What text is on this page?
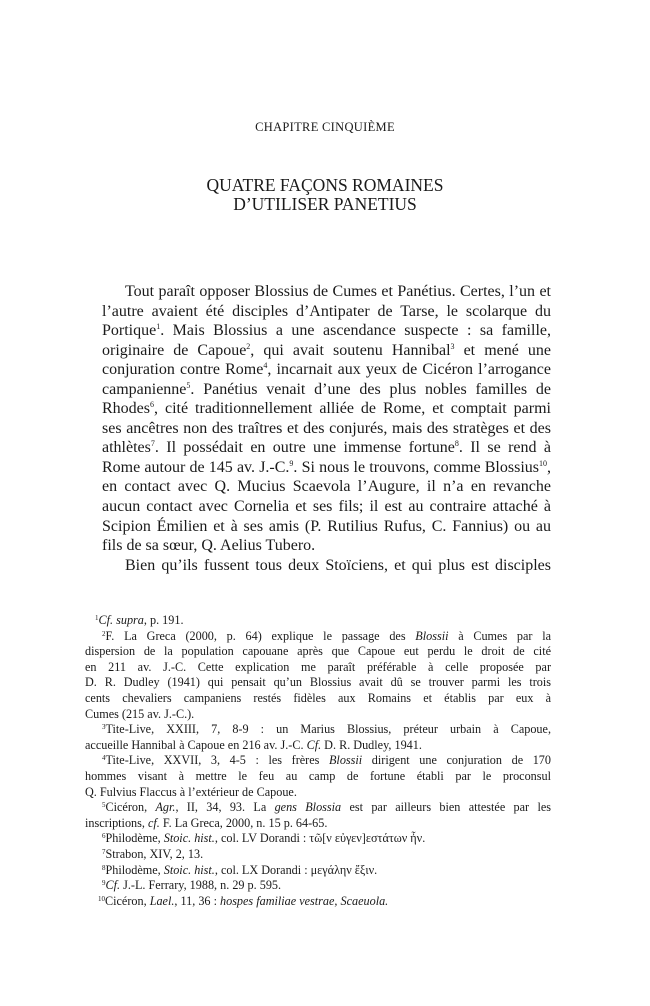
CHAPITRE CINQUIÈME
QUATRE FAÇONS ROMAINES
D’UTILISER PANETIUS
Tout paraît opposer Blossius de Cumes et Panétius. Certes, l’un et
l’autre avaient été disciples d’Antipater de Tarse, le scolarque du
Portique$^1$. Mais Blossius a une ascendance suspecte : sa famille,
originaire de Capoue$^2$, qui avait soutenu Hannibal$^3$ et mené une
conjuration contre Rome$^4$, incarnait aux yeux de Cicéron l’arrogance
campanienne$^5$. Panétius venait d’une des plus nobles familles de
Rhodes$^6$, cité traditionnellement alliée de Rome, et comptait parmi
ses ancêtres non des traîtres et des conjurés, mais des stratèges et des
athlètes$^7$. Il possédait en outre une immense fortune$^8$. Il se rend à
Rome autour de 145 av. J.-C.$^9$. Si nous le trouvons, comme Blossius$^{10}$,
en contact avec Q. Mucius Scaevola l’Augure, il n’a en revanche
aucun contact avec Cornelia et ses fils; il est au contraire attaché à
Scipion Émilien et à ses amis (P. Rutilius Rufus, C. Fannius) ou au
fils de sa sœur, Q. Aelius Tubero.
Bien qu’ils fussent tous deux Stoïciens, et qui plus est disciples
$^1$Cf. supra, p. 191.
$^2$F. La Greca (2000, p. 64) explique le passage des Blossii à Cumes par la
dispersion de la population capouane après que Capoue eut perdu le droit de cité
en 211 av. J.-C. Cette explication me paraît préférable à celle proposée par
D. R. Dudley (1941) qui pensait qu’un Blossius avait dû se trouver parmi les trois
cents chevaliers campaniens restés fidèles aux Romains et établis par eux à
Cumes (215 av. J.-C.).
$^3$Tite-Live, XXIII, 7, 8-9 : un Marius Blossius, préteur urbain à Capoue,
accueille Hannibal à Capoue en 216 av. J.-C. Cf. D. R. Dudley, 1941.
$^4$Tite-Live, XXVII, 3, 4-5 : les frères Blossii dirigent une conjuration de 170
hommes visant à mettre le feu au camp de fortune établi par le proconsul
Q. Fulvius Flaccus à l’extérieur de Capoue.
$^5$Cicéron, Agr., II, 34, 93. La gens Blossia est par ailleurs bien attestée par les
inscriptions, cf. F. La Greca, 2000, n. 15 p. 64-65.
$^6$Philodème, Stoic. hist., col. LV Dorandi : τῶ[ν εὐγεν]εστάτων ἦν.
$^7$Strabon, XIV, 2, 13.
$^8$Philodème, Stoic. hist., col. LX Dorandi : μεγάλην ἔξιν.
$^9$Cf. J.-L. Ferrary, 1988, n. 29 p. 595.
$^{10}$Cicéron, Lael., 11, 36 : hospes familiae vestrae, Scaeuola.
